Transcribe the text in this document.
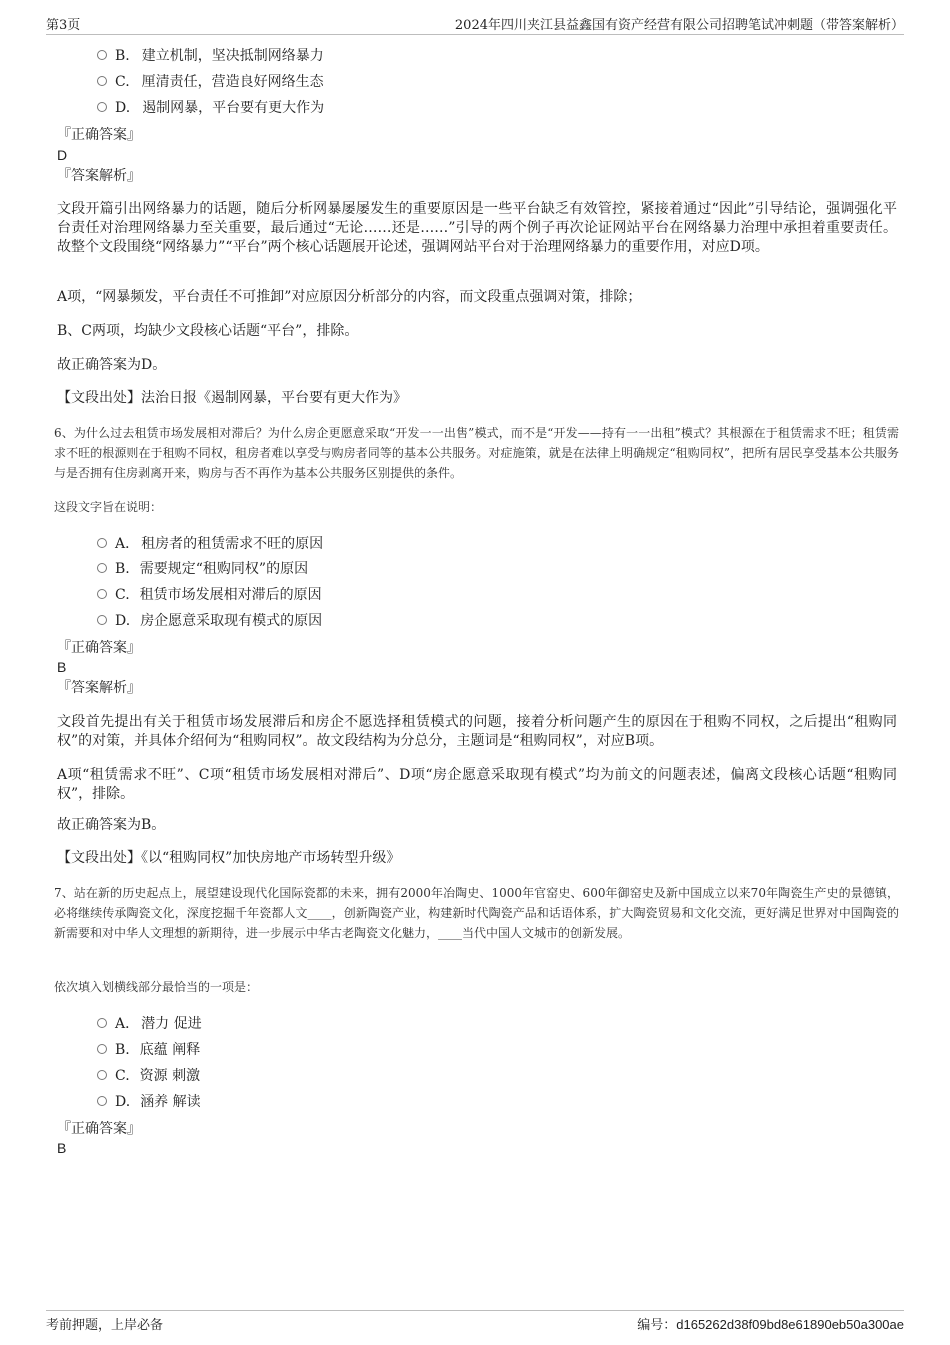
第3页	2024年四川夹江县益鑫国有资产经营有限公司招聘笔试冲刺题（带答案解析）
B. 建立机制，坚决抵制网络暴力
C. 厘清责任，营造良好网络生态
D. 遏制网暴，平台要有更大作为
『正确答案』
D
『答案解析』
文段开篇引出网络暴力的话题，随后分析网暴屡屡发生的重要原因是一些平台缺乏有效管控，紧接着通过“因此”引导结论，强调强化平台责任对治理网络暴力至关重要，最后通过“无论……还是……”引导的两个例子再次论证网站平台在网络暴力治理中承担着重要责任。故整个文段围绕“网络暴力”“平台”两个核心话题展开论述，强调网站平台对于治理网络暴力的重要作用，对应D项。
A项，“网暴频发，平台责任不可推卸”对应原因分析部分的内容，而文段重点强调对策，排除；
B、C两项，均缺少文段核心话题“平台”，排除。
故正确答案为D。
【文段出处】法治日报《遏制网暴，平台要有更大作为》
6、为什么过去租赁市场发展相对滞后？为什么房企更愿意采取“开发一一出售”模式，而不是“开发——持有一一出租”模式？其根源在于租赁需求不旺；租赁需求不旺的根源则在于租购不同权，租房者难以享受与购房者同等的基本公共服务。对症施策，就是在法律上明确规定“租购同权”，把所有居民享受基本公共服务与是否拥有住房剥离开来，购房与否不再作为基本公共服务区别提供的条件。
这段文字旨在说明：
A． 租房者的租赁需求不旺的原因
B. 需要规定“租购同权”的原因
C. 租赁市场发展相对滞后的原因
D. 房企愿意采取现有模式的原因
『正确答案』
B
『答案解析』
文段首先提出有关于租赁市场发展滞后和房企不愿选择租赁模式的问题，接着分析问题产生的原因在于租购不同权，之后提出“租购同权”的对策，并具体介绍何为“租购同权”。故文段结构为分总分，主题词是“租购同权”，对应B项。
A项“租赁需求不旺”、C项“租赁市场发展相对滞后”、D项“房企愿意采取现有模式”均为前文的问题表述，偏离文段核心话题“租购同权”，排除。
故正确答案为B。
【文段出处】《以“租购同权”加快房地产市场转型升级》
7、站在新的历史起点上，展望建设现代化国际瓷都的未来，拥有2000年冶陶史、1000年官窑史、600年御窑史及新中国成立以来70年陶瓷生产史的景德镇，必将继续传承陶瓷文化，深度挖掘千年瓷都人文____，创新陶瓷产业，构建新时代陶瓷产品和话语体系，扩大陶瓷贸易和文化交流，更好满足世界对中国陶瓷的新需要和对中华人文理想的新期待，进一步展示中华古老陶瓷文化魅力，____当代中国人文城市的创新发展。
依次填入划横线部分最恰当的一项是：
A． 潜力 促进
B. 底蕴 阐释
C. 资源 刺激
D. 涵养 解读
『正确答案』
B
考前押题，上岸必备	编号：d165262d38f09bd8e61890eb50a300ae
